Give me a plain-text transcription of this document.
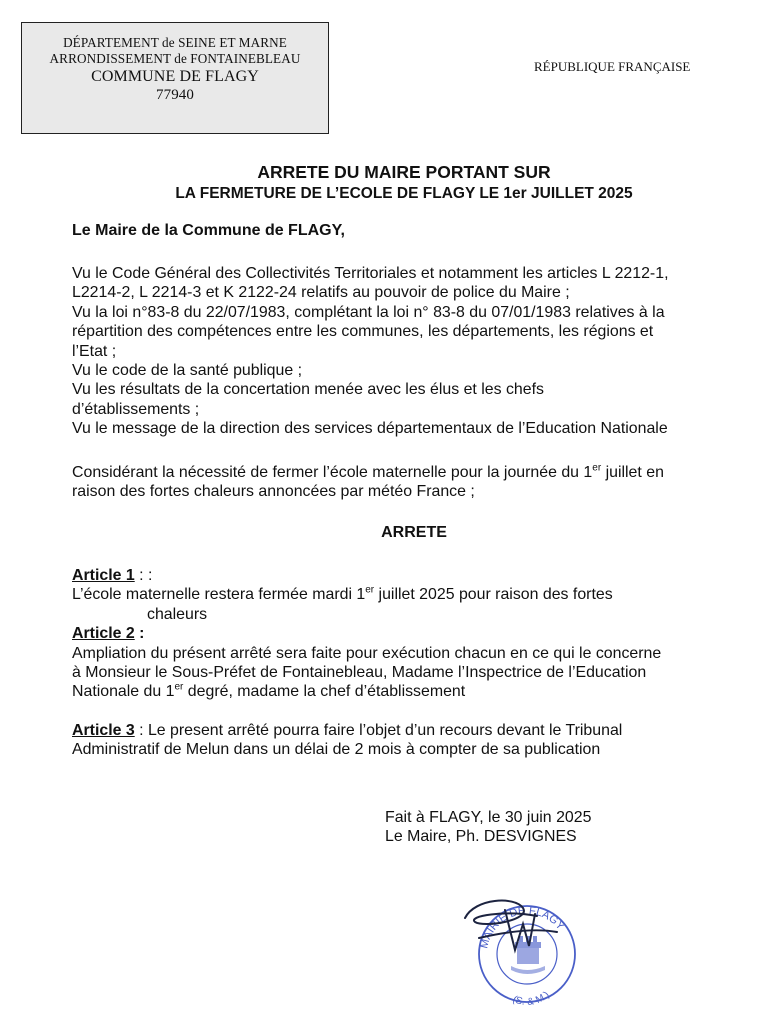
DÉPARTEMENT de SEINE ET MARNE
ARRONDISSEMENT de FONTAINEBLEAU
COMMUNE DE FLAGY
77940
RÉPUBLIQUE FRANÇAISE
ARRETE DU MAIRE PORTANT SUR
LA FERMETURE DE L’ECOLE DE FLAGY LE 1er JUILLET 2025
Le Maire de la Commune de FLAGY,

Vu le Code Général des Collectivités Territoriales et notamment les articles L 2212-1,

L2214-2, L 2214-3 et K 2122-24 relatifs au pouvoir de police du Maire ;

Vu la loi n°83-8 du 22/07/1983, complétant la loi n° 83-8 du 07/01/1983 relatives à la

répartition des compétences entre les communes, les départements, les régions et

l’Etat ;

Vu le code de la santé publique ;

Vu les résultats de la concertation menée avec les élus et les chefs

d’établissements ;

Vu le message de la direction des services départementaux de l’Education Nationale

Considérant la nécessité de fermer l’école maternelle pour la journée du 1er juillet en

raison des fortes chaleurs annoncées par météo France ;

ARRETE

Article 1 : :

L’école maternelle restera fermée mardi 1er juillet 2025 pour raison des fortes

chaleurs

Article 2 :

Ampliation du présent arrêté sera faite pour exécution chacun en ce qui le concerne

à Monsieur le Sous-Préfet de Fontainebleau, Madame l’Inspectrice de l’Education

Nationale du 1er degré, madame la chef d’établissement

Article 3 : Le present arrêté pourra faire l’objet d’un recours devant le Tribunal

Administratif de Melun dans un délai de 2 mois à compter de sa publication

Fait à FLAGY, le 30 juin 2025
Le Maire, Ph. DESVIGNES
MAIRIE DE FLAGY
(S.-&-M.)
